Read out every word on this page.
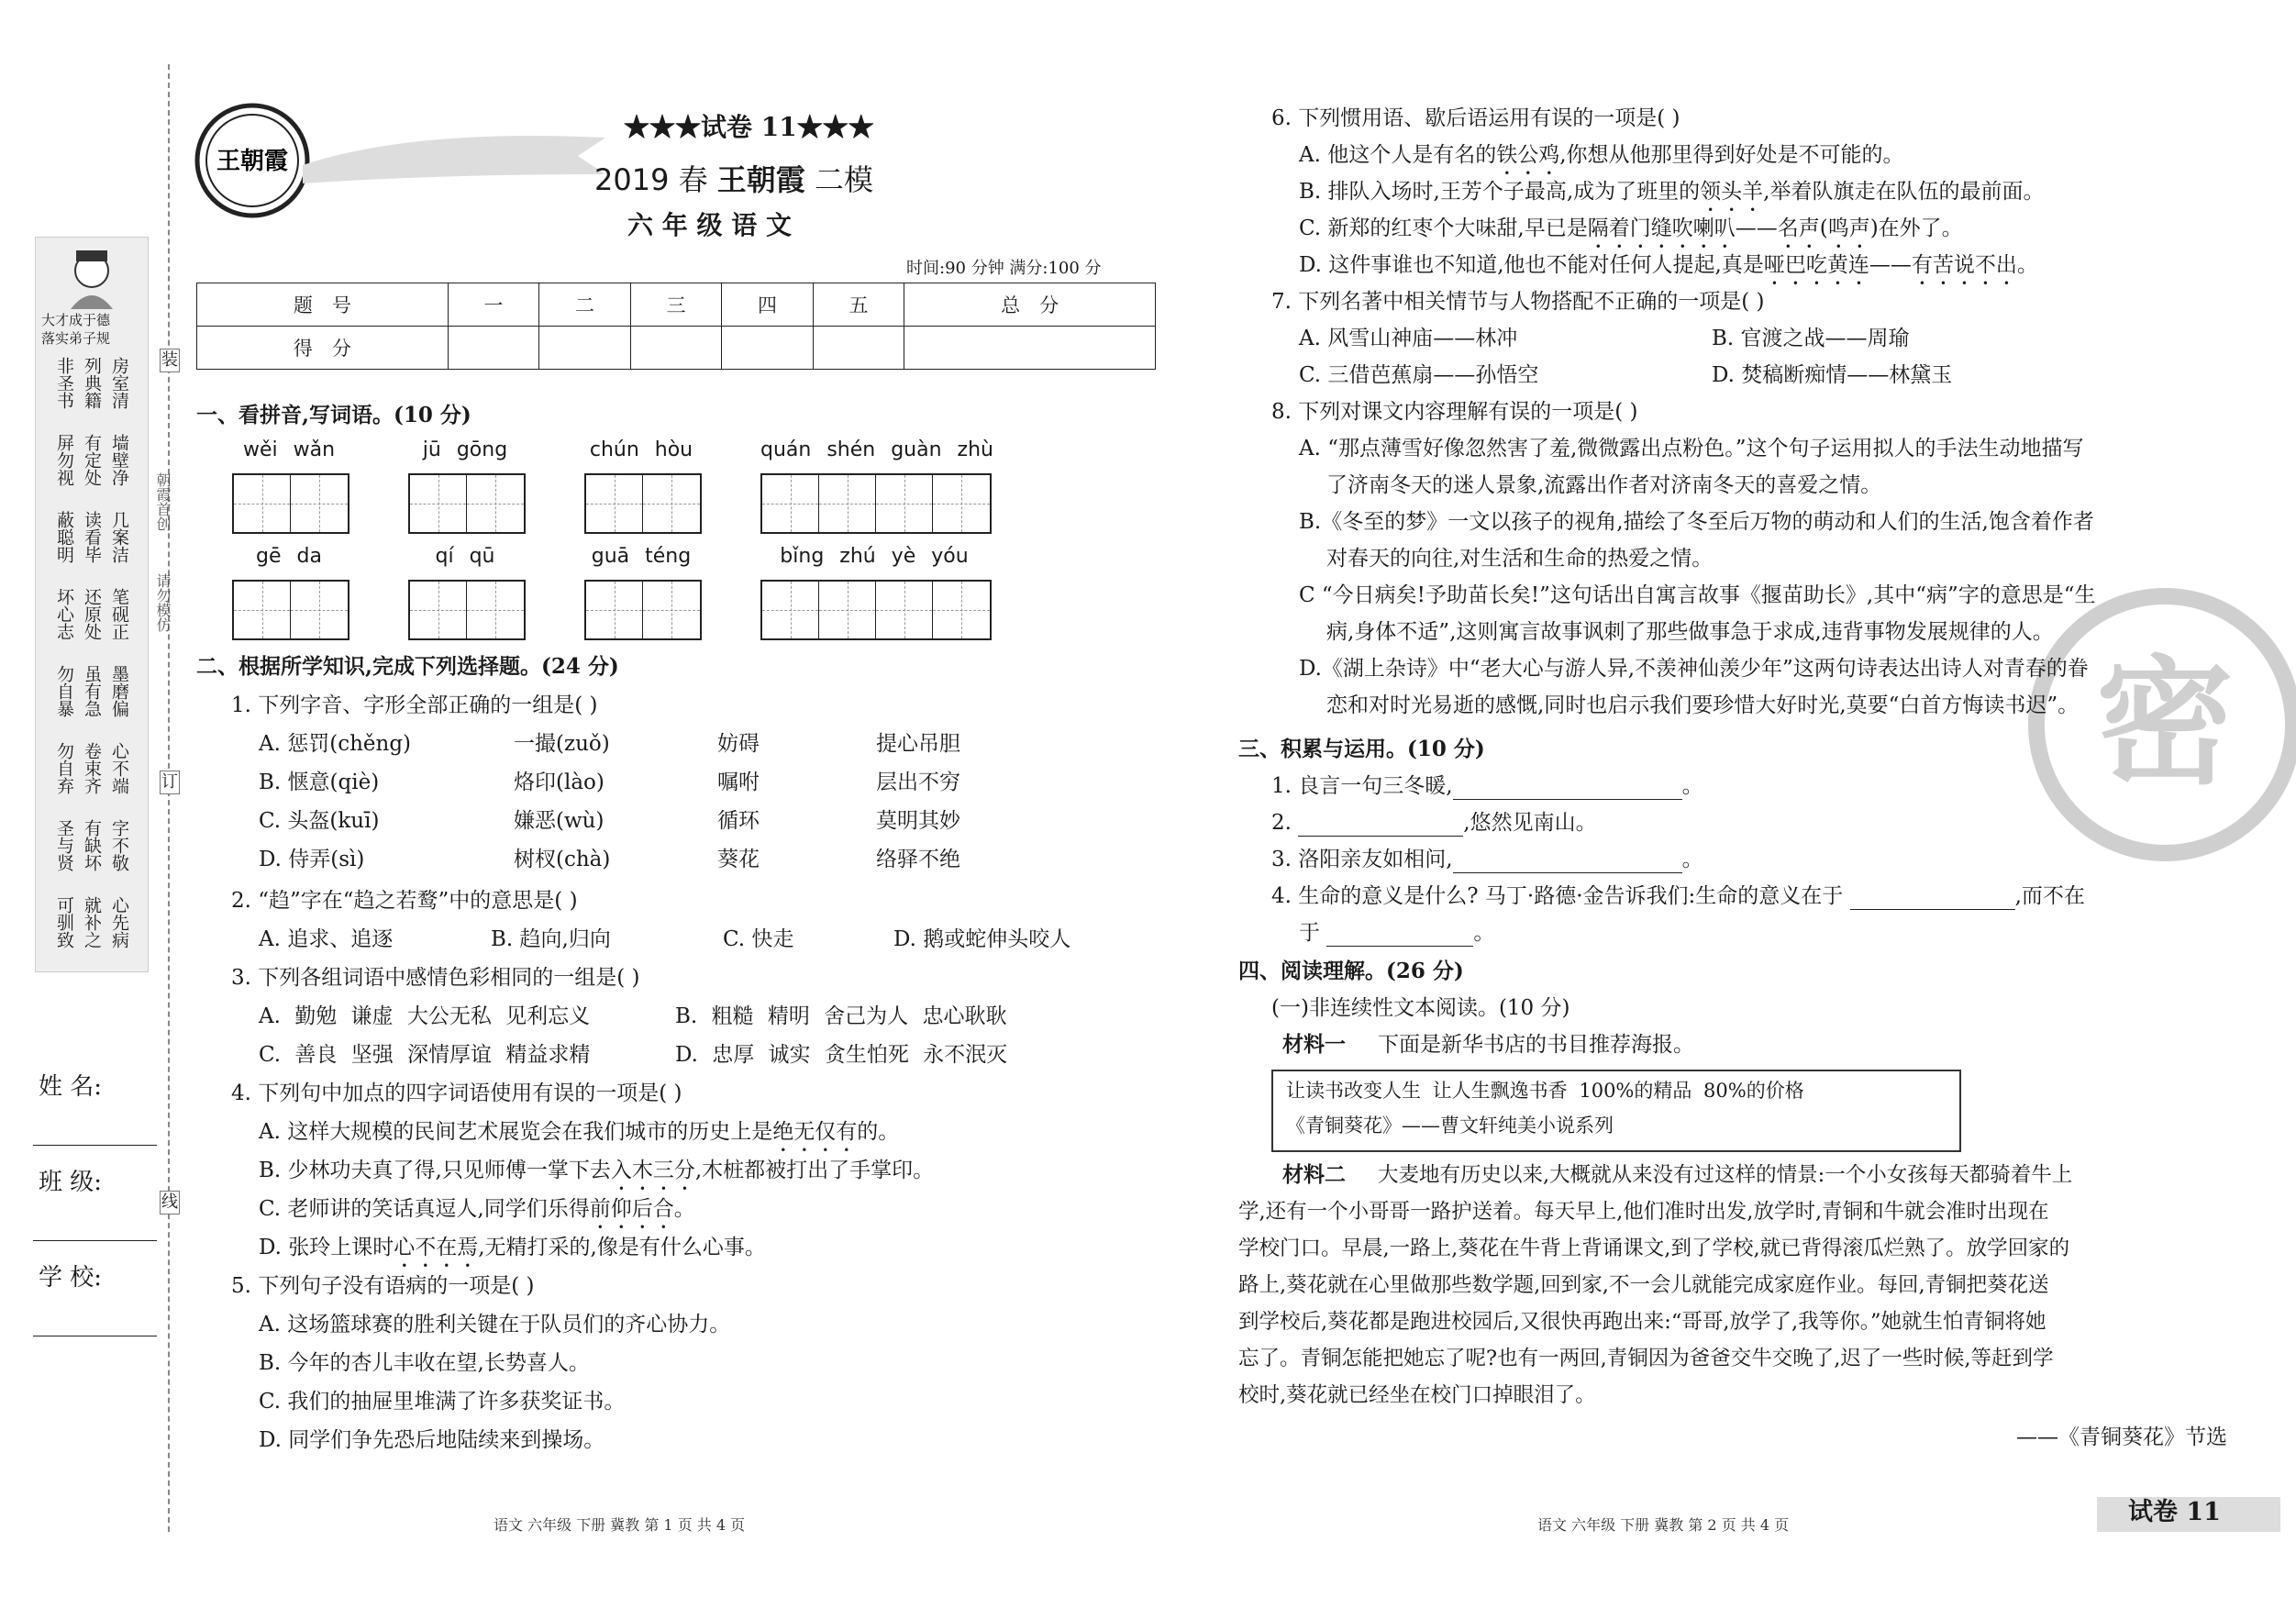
王朝霞
密
大才成于德
落实弟子规
非圣书
列典籍
房室清
屏勿视
有定处
墙壁净
蔽聪明
读看毕
几案洁
坏心志
还原处
笔砚正
勿自暴
虽有急
墨磨偏
勿自弃
卷束齐
心不端
圣与贤
有缺坏
字不敬
可驯致
就补之
心先病
装
订
线
朝霞首创
请勿模仿
姓 名:
班 级:
学 校:
★★★试卷 11★★★
2019 春 王朝霞 二模
六 年 级 语 文
时间:90 分钟 满分:100 分
题　号	一	二	三	四	五	总　分
得　分						
一、看拼音,写词语。(10 分)
wěi wǎn	jū gōng	chún hòu	quán shén guàn zhù
gē da	qí qū	guā téng	bǐng zhú yè yóu
二、根据所学知识,完成下列选择题。(24 分)
1. 下列字音、字形全部正确的一组是( )
A. 惩罚(chěng)	一撮(zuǒ)	妨碍	提心吊胆
B. 惬意(qiè)	烙印(lào)	嘱咐	层出不穷
C. 头盔(kuī)	嫌恶(wù)	循环	莫明其妙
D. 侍弄(sì)	树杈(chà)	葵花	络驿不绝
2. “趋”字在“趋之若鹜”中的意思是( )
A. 追求、追逐	B. 趋向,归向	C. 快走	D. 鹅或蛇伸头咬人
3. 下列各组词语中感情色彩相同的一组是( )
A. 勤勉 谦虚 大公无私 见利忘义	B. 粗糙 精明 舍己为人 忠心耿耿
C. 善良 坚强 深情厚谊 精益求精	D. 忠厚 诚实 贪生怕死 永不泯灭
4. 下列句中加点的四字词语使用有误的一项是( )
A. 这样大规模的民间艺术展览会在我们城市的历史上是绝无仅有的。
B. 少林功夫真了得,只见师傅一掌下去入木三分,木桩都被打出了手掌印。
C. 老师讲的笑话真逗人,同学们乐得前仰后合。
D. 张玲上课时心不在焉,无精打采的,像是有什么心事。
5. 下列句子没有语病的一项是( )
A. 这场篮球赛的胜利关键在于队员们的齐心协力。
B. 今年的杏儿丰收在望,长势喜人。
C. 我们的抽屉里堆满了许多获奖证书。
D. 同学们争先恐后地陆续来到操场。
6. 下列惯用语、歇后语运用有误的一项是( )
A. 他这个人是有名的铁公鸡,你想从他那里得到好处是不可能的。
B. 排队入场时,王芳个子最高,成为了班里的领头羊,举着队旗走在队伍的最前面。
C. 新郑的红枣个大味甜,早已是隔着门缝吹喇叭——名声(鸣声)在外了。
D. 这件事谁也不知道,他也不能对任何人提起,真是哑巴吃黄连——有苦说不出。
7. 下列名著中相关情节与人物搭配不正确的一项是( )
A. 风雪山神庙——林冲	B. 官渡之战——周瑜
C. 三借芭蕉扇——孙悟空	D. 焚稿断痴情——林黛玉
8. 下列对课文内容理解有误的一项是( )
A. “那点薄雪好像忽然害了羞,微微露出点粉色。”这个句子运用拟人的手法生动地描写
了济南冬天的迷人景象,流露出作者对济南冬天的喜爱之情。
B.《冬至的梦》一文以孩子的视角,描绘了冬至后万物的萌动和人们的生活,饱含着作者
对春天的向往,对生活和生命的热爱之情。
C “今日病矣!予助苗长矣!”这句话出自寓言故事《揠苗助长》,其中“病”字的意思是“生
病,身体不适”,这则寓言故事讽刺了那些做事急于求成,违背事物发展规律的人。
D.《湖上杂诗》中“老大心与游人异,不羡神仙羡少年”这两句诗表达出诗人对青春的眷
恋和对时光易逝的感慨,同时也启示我们要珍惜大好时光,莫要“白首方悔读书迟”。
三、积累与运用。(10 分)
1. 良言一句三冬暖,	。
2.	,悠然见南山。
3. 洛阳亲友如相问,	。
4. 生命的意义是什么? 马丁·路德·金告诉我们:生命的意义在于	,而不在
于	。
四、阅读理解。(26 分)
(一)非连续性文本阅读。(10 分)
材料一 下面是新华书店的书目推荐海报。
让读书改变人生 让人生飘逸书香 100%的精品 80%的价格
《青铜葵花》——曹文轩纯美小说系列
材料二 大麦地有历史以来,大概就从来没有过这样的情景:一个小女孩每天都骑着牛上
学,还有一个小哥哥一路护送着。每天早上,他们准时出发,放学时,青铜和牛就会准时出现在
学校门口。早晨,一路上,葵花在牛背上背诵课文,到了学校,就已背得滚瓜烂熟了。放学回家的
路上,葵花就在心里做那些数学题,回到家,不一会儿就能完成家庭作业。每回,青铜把葵花送
到学校后,葵花都是跑进校园后,又很快再跑出来:“哥哥,放学了,我等你。”她就生怕青铜将她
忘了。青铜怎能把她忘了呢?也有一两回,青铜因为爸爸交牛交晚了,迟了一些时候,等赶到学
校时,葵花就已经坐在校门口掉眼泪了。
——《青铜葵花》节选
语文 六年级 下册 冀教 第 1 页 共 4 页	语文 六年级 下册 冀教 第 2 页 共 4 页	试卷 11
